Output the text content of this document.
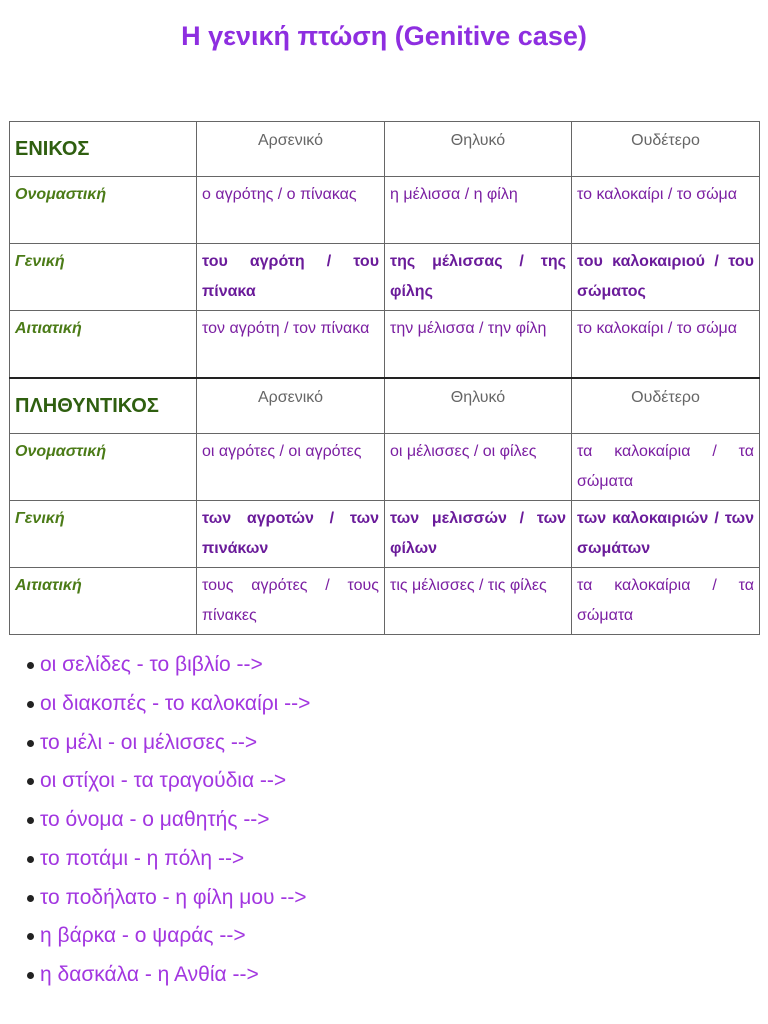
Η γενική πτώση (Genitive case)
ΕΝΙΚΟΣ	Αρσενικό	Θηλυκό	Ουδέτερο
Ονομαστική	ο αγρότης / ο πίνακας	η μέλισσα / η φίλη	το καλοκαίρι / το σώμα
Γενική	του αγρότη / του πίνακα	της μέλισσας / της φίλης	του καλοκαιριού / του σώματος
Αιτιατική	τον αγρότη / τον πίνακα	την μέλισσα / την φίλη	το καλοκαίρι / το σώμα
ΠΛΗΘΥΝΤΙΚΟΣ	Αρσενικό	Θηλυκό	Ουδέτερο
Ονομαστική	οι αγρότες / οι αγρότες	οι μέλισσες / οι φίλες	τα καλοκαίρια / τα σώματα
Γενική	των αγροτών / των πινάκων	των μελισσών / των φίλων	των καλοκαιριών / των σωμάτων
Αιτιατική	τους αγρότες / τους πίνακες	τις μέλισσες / τις φίλες	τα καλοκαίρια / τα σώματα
οι σελίδες - το βιβλίο -->
οι διακοπές - το καλοκαίρι -->
το μέλι - οι μέλισσες -->
οι στίχοι - τα τραγούδια -->
το όνομα - ο μαθητής -->
το ποτάμι - η πόλη -->
το ποδήλατο - η φίλη μου -->
η βάρκα - ο ψαράς -->
η δασκάλα - η Ανθία -->
